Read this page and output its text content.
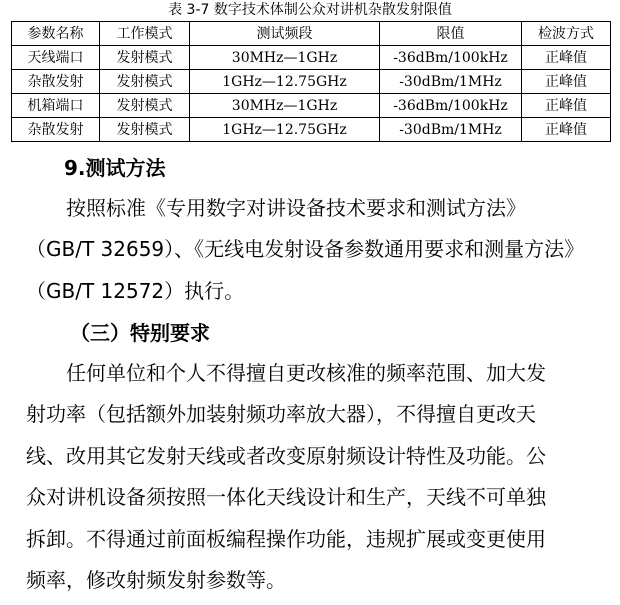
表 3-7 数字技术体制公众对讲机杂散发射限值
参数名称	工作模式	测试频段	限值	检波方式
天线端口	发射模式	30MHz—1GHz	-36dBm/100kHz	正峰值
杂散发射	发射模式	1GHz—12.75GHz	-30dBm/1MHz	正峰值
机箱端口	发射模式	30MHz—1GHz	-36dBm/100kHz	正峰值
杂散发射	发射模式	1GHz—12.75GHz	-30dBm/1MHz	正峰值
9.测试方法
按照标准《专用数字对讲设备技术要求和测试方法》
（GB/T 32659）、《无线电发射设备参数通用要求和测量方法》
（GB/T 12572）执行。
（三）特别要求
任何单位和个人不得擅自更改核准的频率范围、加大发
射功率（包括额外加装射频功率放大器），不得擅自更改天
线、改用其它发射天线或者改变原射频设计特性及功能。公
众对讲机设备须按照一体化天线设计和生产，天线不可单独
拆卸。不得通过前面板编程操作功能，违规扩展或变更使用
频率，修改射频发射参数等。
